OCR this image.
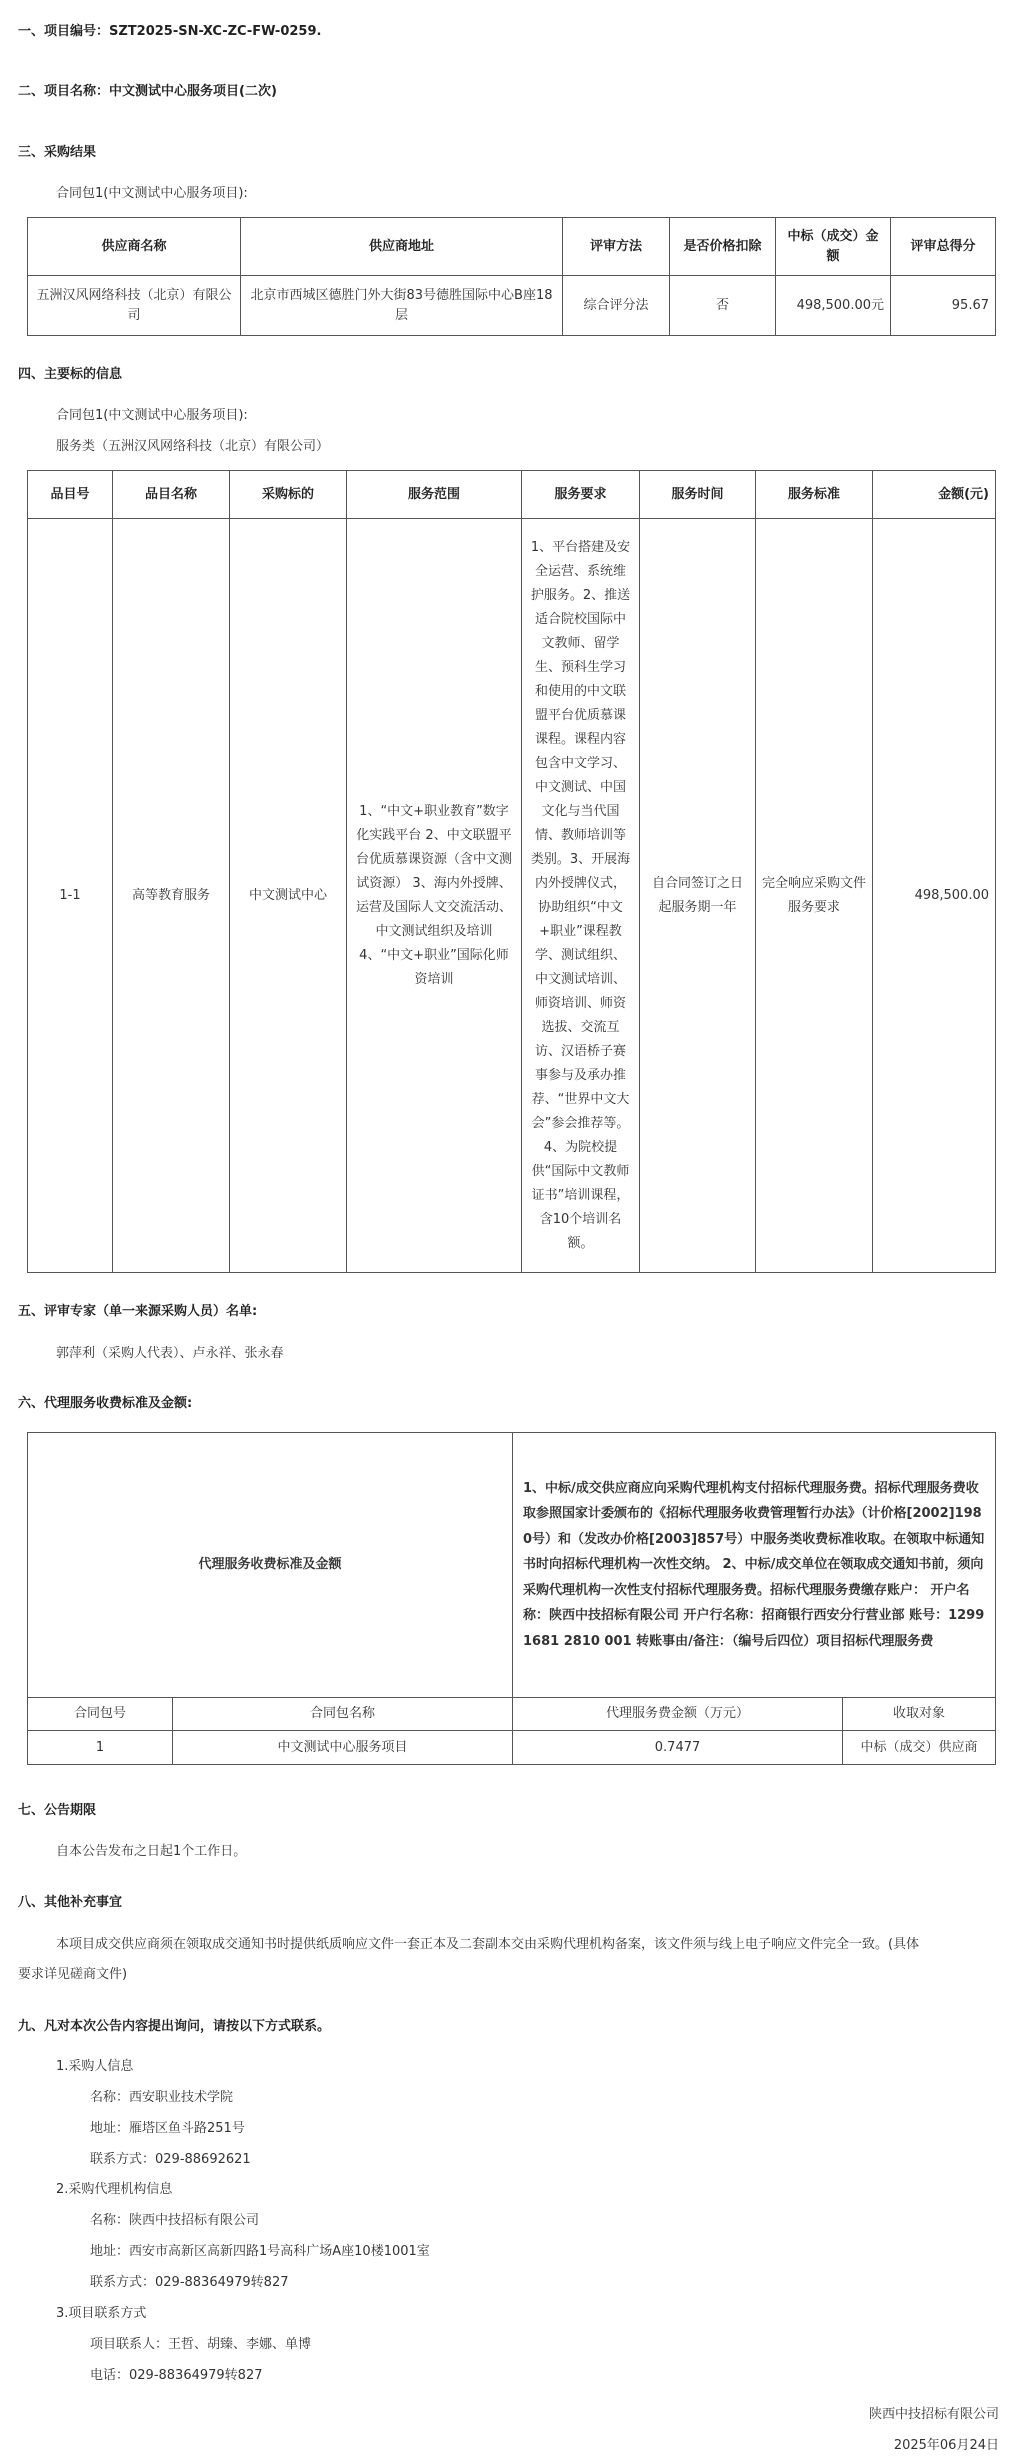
一、项目编号：SZT2025-SN-XC-ZC-FW-0259.
二、项目名称：中文测试中心服务项目(二次)
三、采购结果
合同包1(中文测试中心服务项目):
供应商名称	供应商地址	评审方法	是否价格扣除	中标（成交）金额	评审总得分
五洲汉风网络科技（北京）有限公司	北京市西城区德胜门外大街83号德胜国际中心B座18层	综合评分法	否	498,500.00元	95.67
四、主要标的信息
合同包1(中文测试中心服务项目):
服务类（五洲汉风网络科技（北京）有限公司）
品目号	品目名称	采购标的	服务范围	服务要求	服务时间	服务标准	金额(元)
1-1	高等教育服务	中文测试中心	1、“中文+职业教育”数字化实践平台 2、中文联盟平台优质慕课资源（含中文测试资源） 3、海内外授牌、运营及国际人文交流活动、中文测试组织及培训 4、“中文+职业”国际化师资培训	1、平台搭建及安全运营、系统维护服务。2、推送适合院校国际中文教师、留学生、预科生学习和使用的中文联盟平台优质慕课课程。课程内容包含中文学习、中文测试、中国文化与当代国情、教师培训等类别。3、开展海内外授牌仪式，协助组织“中文+职业”课程教学、测试组织、中文测试培训、师资培训、师资选拔、交流互访、汉语桥子赛事参与及承办推荐、“世界中文大会”参会推荐等。4、为院校提供“国际中文教师证书”培训课程，含10个培训名额。	自合同签订之日起服务期一年	完全响应采购文件服务要求	498,500.00
五、评审专家（单一来源采购人员）名单:
郭萍利（采购人代表）、卢永祥、张永春
六、代理服务收费标准及金额:
代理服务收费标准及金额		1、中标/成交供应商应向采购代理机构支付招标代理服务费。招标代理服务费收取参照国家计委颁布的《招标代理服务收费管理暂行办法》（计价格[2002]1980号）和（发改办价格[2003]857号）中服务类收费标准收取。在领取中标通知书时向招标代理机构一次性交纳。 2、中标/成交单位在领取成交通知书前，须向采购代理机构一次性支付招标代理服务费。招标代理服务费缴存账户： 开户名称：陕西中技招标有限公司 开户行名称：招商银行西安分行营业部 账号：1299 1681 2810 001 转账事由/备注：（编号后四位）项目招标代理服务费	
合同包号	合同包名称	代理服务费金额（万元）	收取对象
1	中文测试中心服务项目	0.7477	中标（成交）供应商
七、公告期限
自本公告发布之日起1个工作日。
八、其他补充事宜
本项目成交供应商须在领取成交通知书时提供纸质响应文件一套正本及二套副本交由采购代理机构备案，该文件须与线上电子响应文件完全一致。(具体
要求详见磋商文件)
九、凡对本次公告内容提出询问，请按以下方式联系。
1.采购人信息
名称：西安职业技术学院
地址：雁塔区鱼斗路251号
联系方式：029-88692621
2.采购代理机构信息
名称：陕西中技招标有限公司
地址：西安市高新区高新四路1号高科广场A座10楼1001室
联系方式：029-88364979转827
3.项目联系方式
项目联系人：王哲、胡臻、李娜、单博
电话：029-88364979转827
陕西中技招标有限公司
2025年06月24日
